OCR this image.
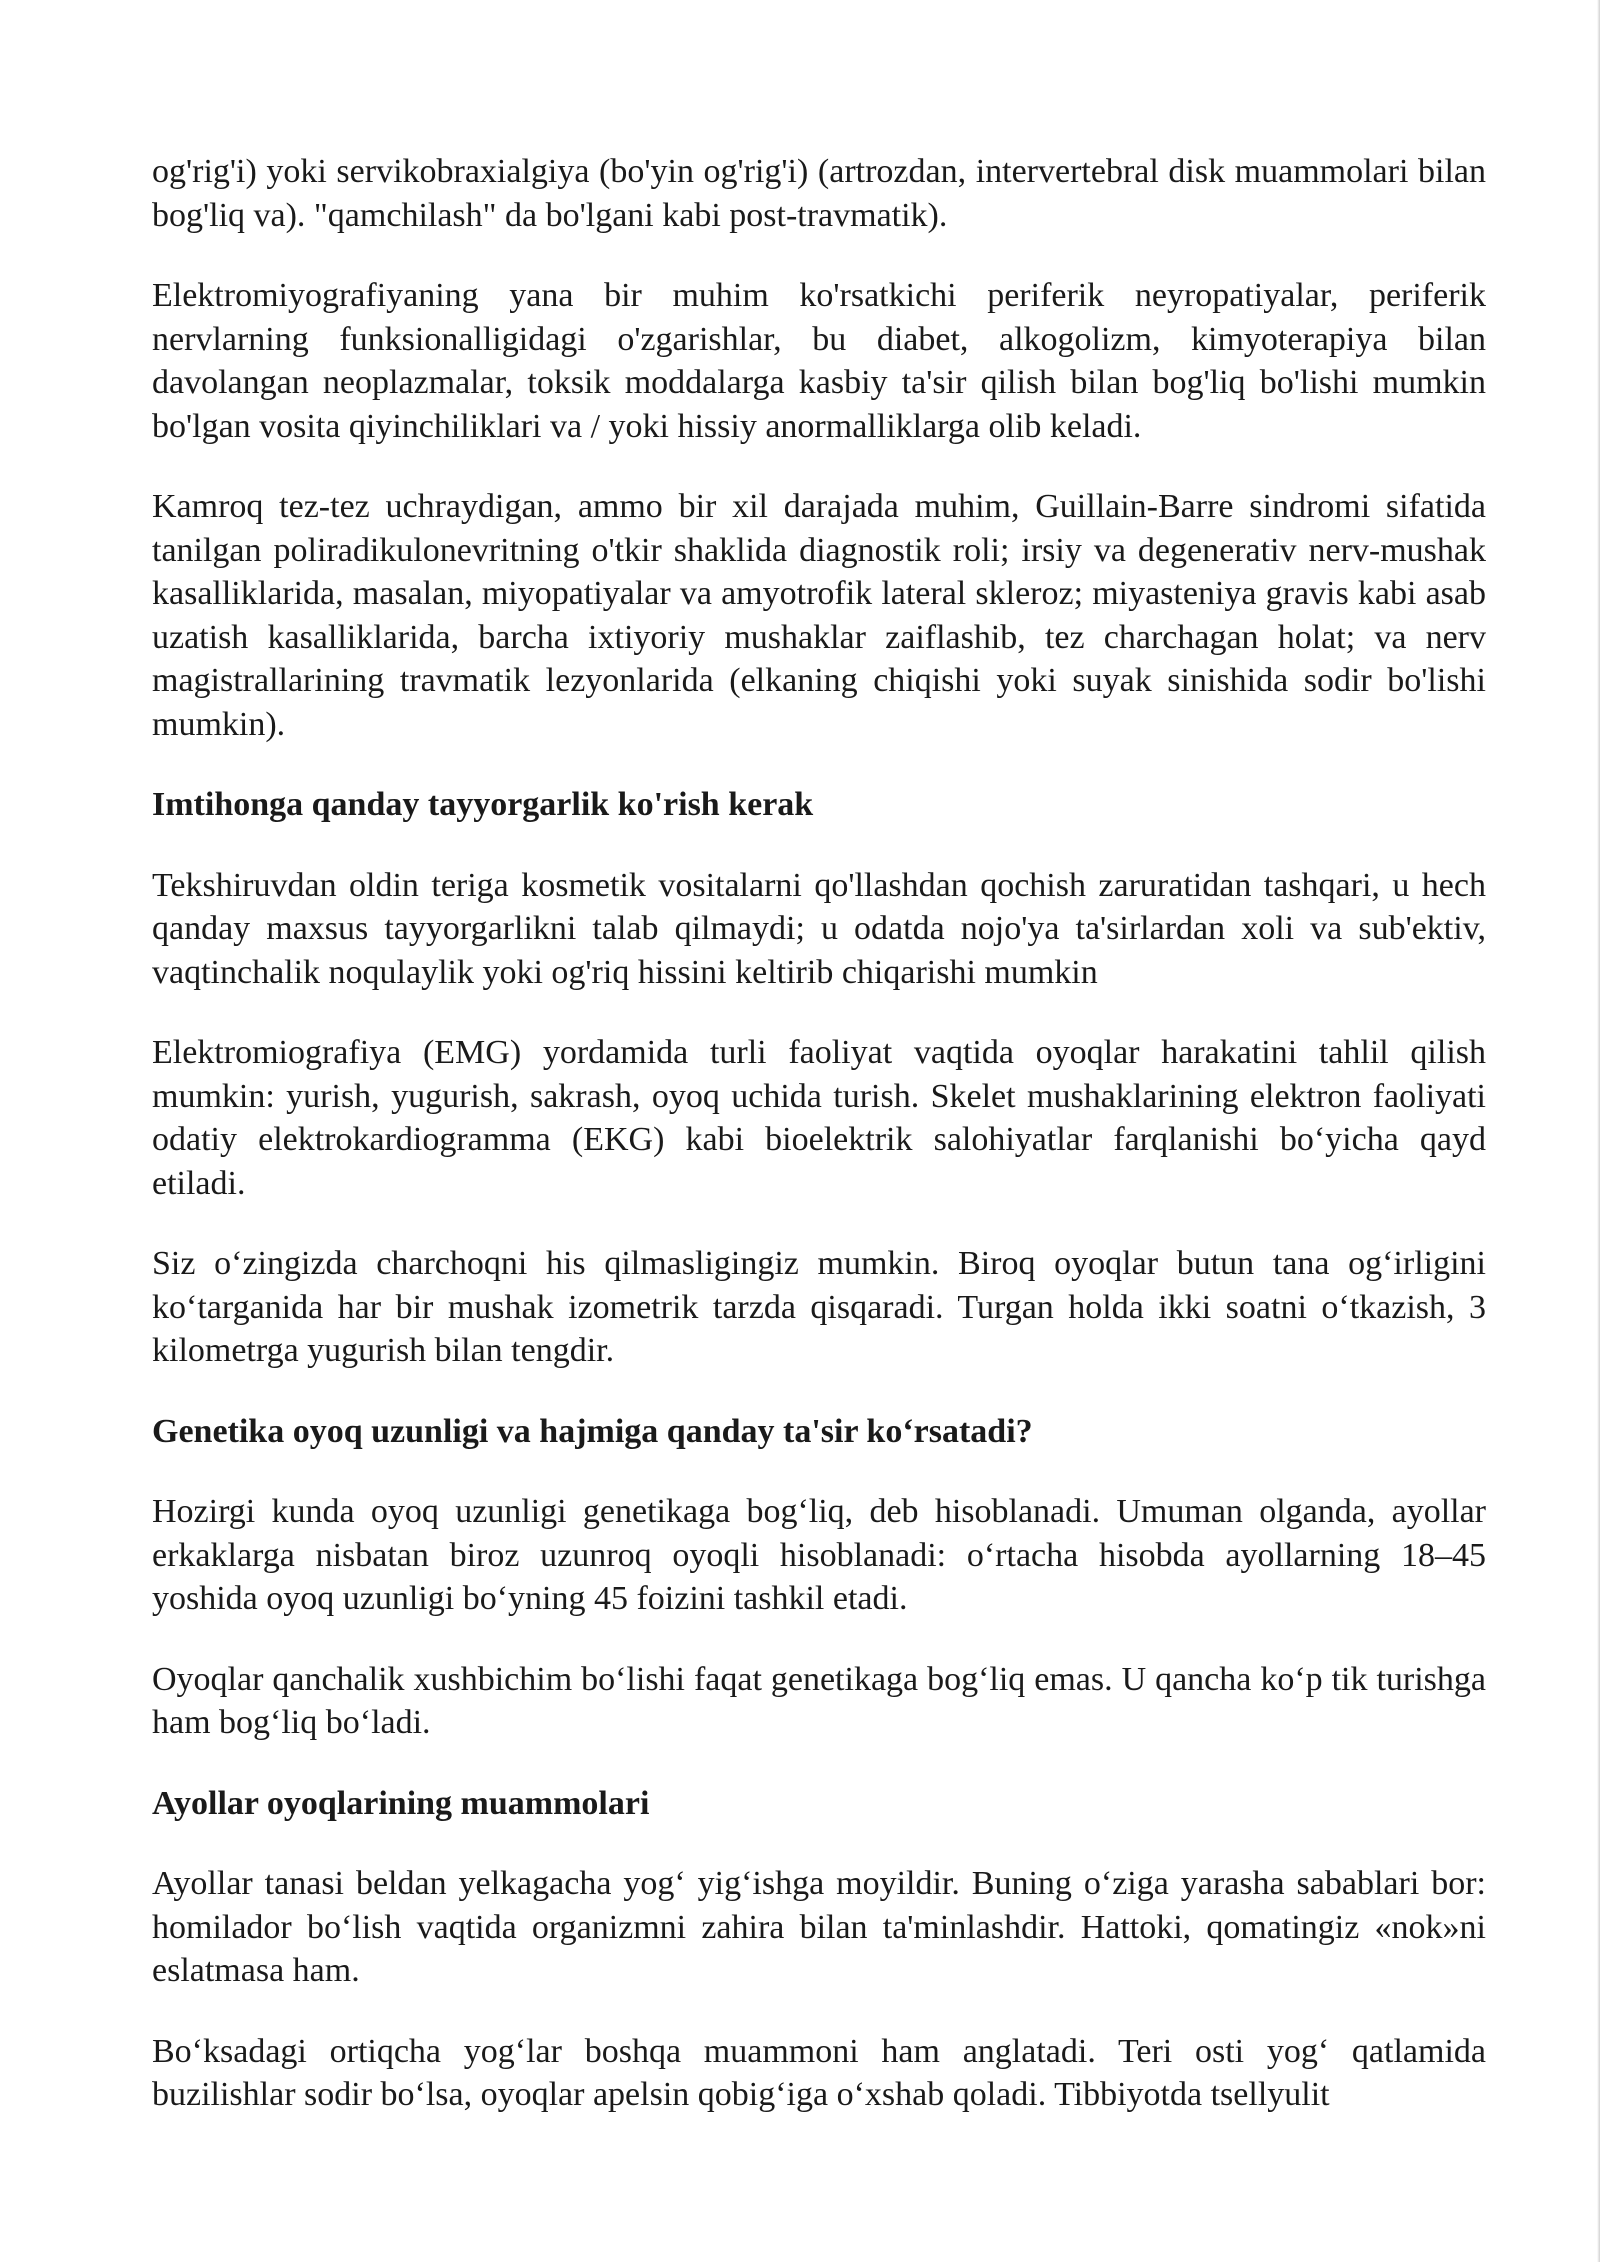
og'rig'i) yoki servikobraxialgiya (bo'yin og'rig'i) (artrozdan, intervertebral disk muammolari bilan bog'liq va). "qamchilash" da bo'lgani kabi post-travmatik).

Elektromiyografiyaning yana bir muhim ko'rsatkichi periferik neyropatiyalar, periferik nervlarning funksionalligidagi o'zgarishlar, bu diabet, alkogolizm, kimyoterapiya bilan davolangan neoplazmalar, toksik moddalarga kasbiy ta'sir qilish bilan bog'liq bo'lishi mumkin bo'lgan vosita qiyinchiliklari va / yoki hissiy anormalliklarga olib keladi.

Kamroq tez-tez uchraydigan, ammo bir xil darajada muhim, Guillain-Barre sindromi sifatida tanilgan poliradikulonevritning o'tkir shaklida diagnostik roli; irsiy va degenerativ nerv-mushak kasalliklarida, masalan, miyopatiyalar va amyotrofik lateral skleroz; miyasteniya gravis kabi asab uzatish kasalliklarida, barcha ixtiyoriy mushaklar zaiflashib, tez charchagan holat; va nerv magistrallarining travmatik lezyonlarida (elkaning chiqishi yoki suyak sinishida sodir bo'lishi mumkin).

Imtihonga qanday tayyorgarlik ko'rish kerak

Tekshiruvdan oldin teriga kosmetik vositalarni qo'llashdan qochish zaruratidan tashqari, u hech qanday maxsus tayyorgarlikni talab qilmaydi; u odatda nojo'ya ta'sirlardan xoli va sub'ektiv, vaqtinchalik noqulaylik yoki og'riq hissini keltirib chiqarishi mumkin

Elektromiografiya (EMG) yordamida turli faoliyat vaqtida oyoqlar harakatini tahlil qilish mumkin: yurish, yugurish, sakrash, oyoq uchida turish. Skelet mushaklarining elektron faoliyati odatiy elektrokardiogramma (EKG) kabi bioelektrik salohiyatlar farqlanishi bo‘yicha qayd etiladi.

Siz o‘zingizda charchoqni his qilmasligingiz mumkin. Biroq oyoqlar butun tana og‘irligini ko‘targanida har bir mushak izometrik tarzda qisqaradi. Turgan holda ikki soatni o‘tkazish, 3 kilometrga yugurish bilan tengdir.

Genetika oyoq uzunligi va hajmiga qanday ta'sir ko‘rsatadi?

Hozirgi kunda oyoq uzunligi genetikaga bog‘liq, deb hisoblanadi. Umuman olganda, ayollar erkaklarga nisbatan biroz uzunroq oyoqli hisoblanadi: o‘rtacha hisobda ayollarning 18–45 yoshida oyoq uzunligi bo‘yning 45 foizini tashkil etadi.

Oyoqlar qanchalik xushbichim bo‘lishi faqat genetikaga bog‘liq emas. U qancha ko‘p tik turishga ham bog‘liq bo‘ladi.

Ayollar oyoqlarining muammolari

Ayollar tanasi beldan yelkagacha yog‘ yig‘ishga moyildir. Buning o‘ziga yarasha sabablari bor: homilador bo‘lish vaqtida organizmni zahira bilan ta'minlashdir. Hattoki, qomatingiz «nok»ni eslatmasa ham.

Bo‘ksadagi ortiqcha yog‘lar boshqa muammoni ham anglatadi. Teri osti yog‘ qatlamida buzilishlar sodir bo‘lsa, oyoqlar apelsin qobig‘iga o‘xshab qoladi. Tibbiyotda tsellyulit
